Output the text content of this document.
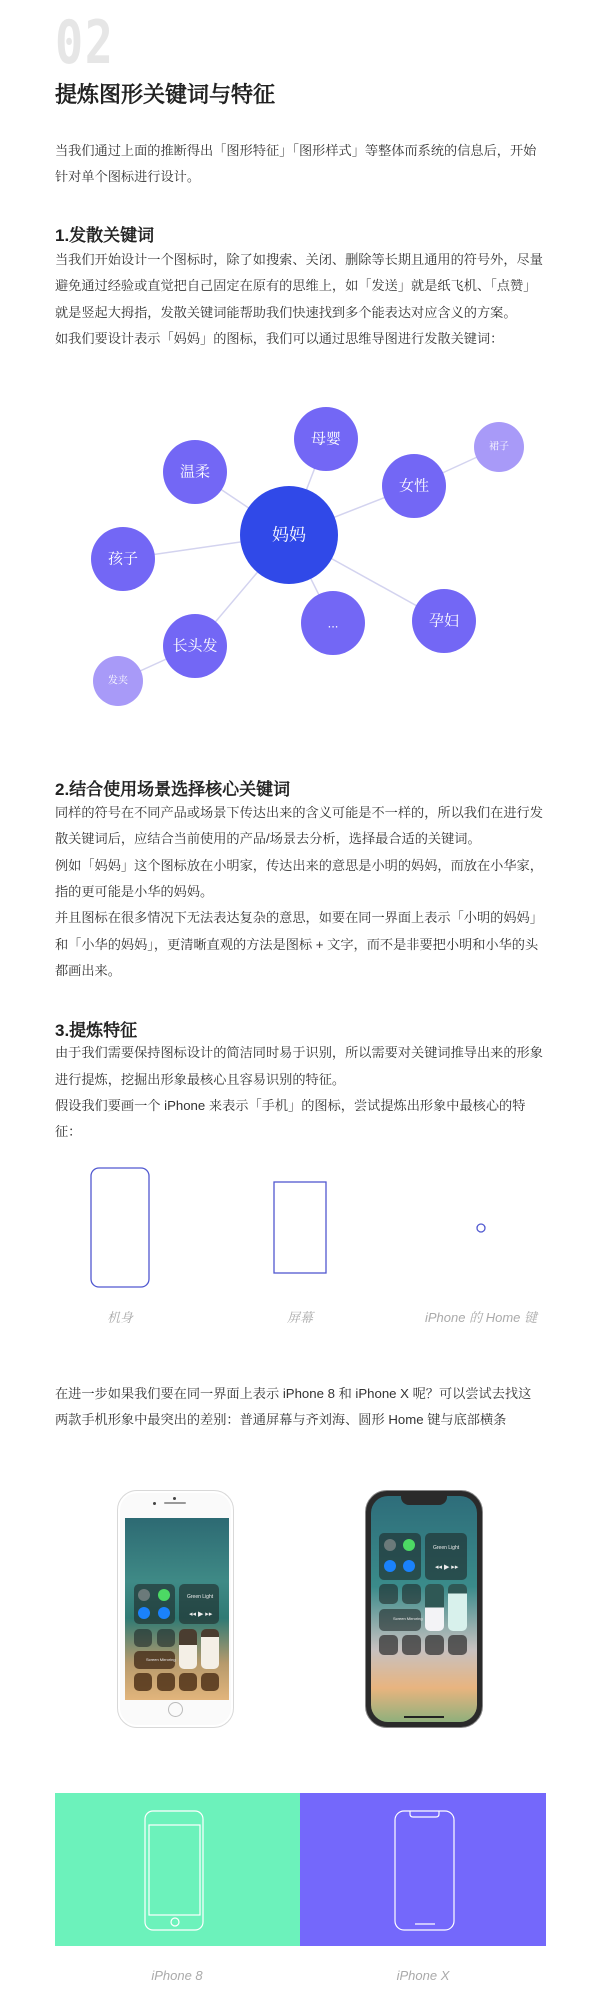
02
提炼图形关键词与特征
当我们通过上面的推断得出「图形特征」「图形样式」等整体而系统的信息后，开始
针对单个图标进行设计。
1.发散关键词
当我们开始设计一个图标时，除了如搜索、关闭、删除等长期且通用的符号外，尽量
避免通过经验或直觉把自己固定在原有的思维上，如「发送」就是纸飞机、「点赞」
就是竖起大拇指，发散关键词能帮助我们快速找到多个能表达对应含义的方案。
如我们要设计表示「妈妈」的图标，我们可以通过思维导图进行发散关键词：
妈妈
母婴
温柔
女性
孩子
...	孕妇
长头发
裙子
发夹
2.结合使用场景选择核心关键词
同样的符号在不同产品或场景下传达出来的含义可能是不一样的，所以我们在进行发
散关键词后，应结合当前使用的产品/场景去分析，选择最合适的关键词。
例如「妈妈」这个图标放在小明家，传达出来的意思是小明的妈妈，而放在小华家，
指的更可能是小华的妈妈。
并且图标在很多情况下无法表达复杂的意思，如要在同一界面上表示「小明的妈妈」
和「小华的妈妈」，更清晰直观的方法是图标 + 文字，而不是非要把小明和小华的头
都画出来。
3.提炼特征
由于我们需要保持图标设计的简洁同时易于识别，所以需要对关键词推导出来的形象
进行提炼，挖掘出形象最核心且容易识别的特征。
假设我们要画一个 iPhone 来表示「手机」的图标，尝试提炼出形象中最核心的特
征：
机身	屏幕	iPhone 的 Home 键
在进一步如果我们要在同一界面上表示 iPhone 8 和 iPhone X 呢？可以尝试去找这
两款手机形象中最突出的差别：普通屏幕与齐刘海、圆形 Home 键与底部横条
Green Light
◂◂ ▶ ▸▸
Screen Mirroring
Green Light
◂◂ ▶ ▸▸
Screen Mirroring
iPhone 8	iPhone X
